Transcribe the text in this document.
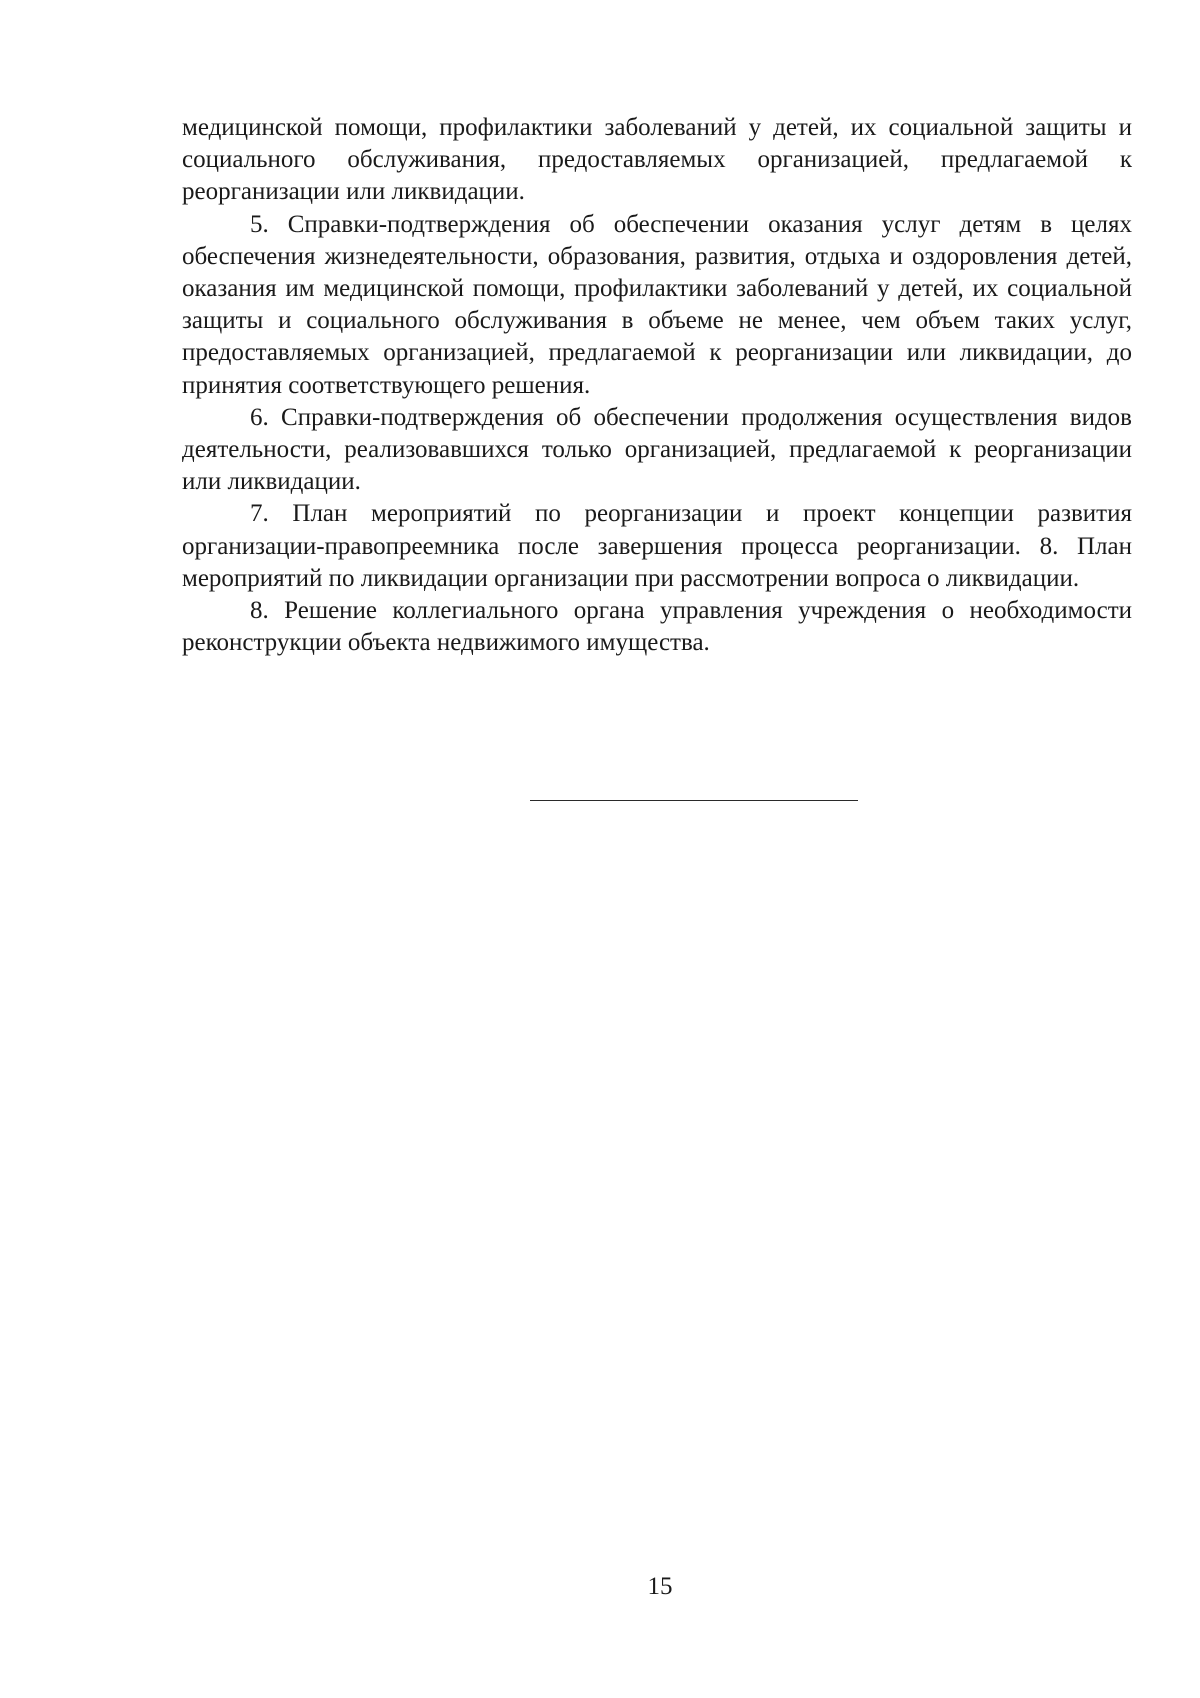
медицинской помощи, профилактики заболеваний у детей, их социальной защиты и социального обслуживания, предоставляемых организацией, предлагаемой к реорганизации или ликвидации.

5. Справки-подтверждения об обеспечении оказания услуг детям в целях обеспечения жизнедеятельности, образования, развития, отдыха и оздоровления детей, оказания им медицинской помощи, профилактики заболеваний у детей, их социальной защиты и социального обслуживания в объеме не менее, чем объем таких услуг, предоставляемых организацией, предлагаемой к реорганизации или ликвидации, до принятия соответствующего решения.

6. Справки-подтверждения об обеспечении продолжения осуществления видов деятельности, реализовавшихся только организацией, предлагаемой к реорганизации или ликвидации.

7. План мероприятий по реорганизации и проект концепции развития организации-правопреемника после завершения процесса реорганизации. 8. План мероприятий по ликвидации организации при рассмотрении вопроса о ликвидации.

8. Решение коллегиального органа управления учреждения о необходимости реконструкции объекта недвижимого имущества.

15
